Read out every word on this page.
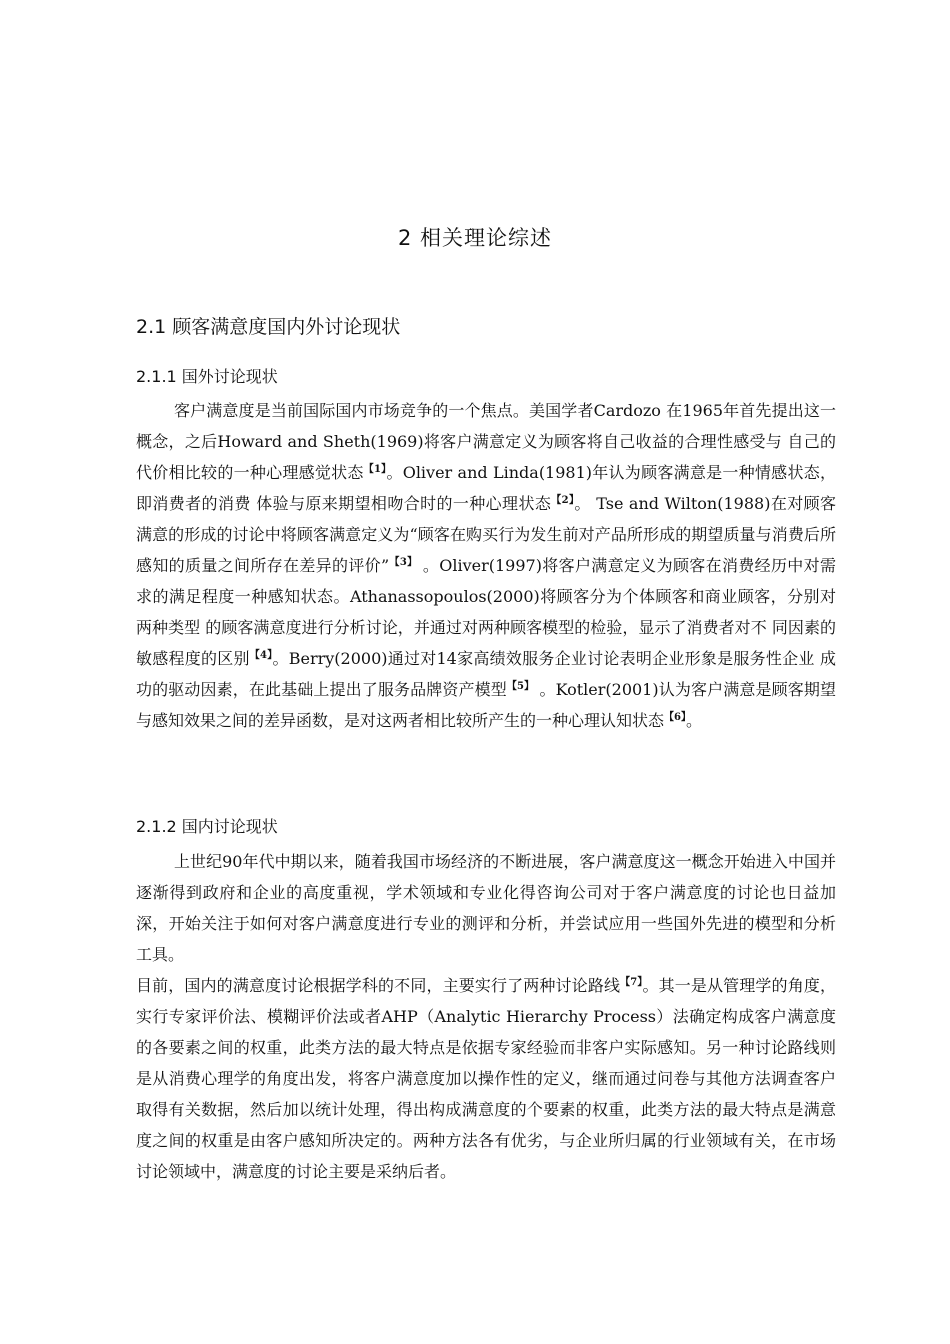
2 相关理论综述
2.1 顾客满意度国内外讨论现状
2.1.1 国外讨论现状

客户满意度是当前国际国内市场竞争的一个焦点。美国学者Cardozo 在1965年首先提出这一概念，之后Howard and Sheth(1969)将客户满意定义为顾客将自己收益的合理性感受与 自己的代价相比较的一种心理感觉状态$^{【1】}$。Oliver and Linda(1981)年认为顾客满意是一种情感状态，即消费者的消费 体验与原来期望相吻合时的一种心理状态$^{【2】}$。 Tse and Wilton(1988)在对顾客满意的形成的讨论中将顾客满意定义为“顾客在购买行为发生前对产品所形成的期望质量与消费后所感知的质量之间所存在差异的评价”$^{【3】}$ 。Oliver(1997)将客户满意定义为顾客在消费经历中对需求的满足程度一种感知状态。Athanassopoulos(2000)将顾客分为个体顾客和商业顾客，分别对两种类型 的顾客满意度进行分析讨论，并通过对两种顾客模型的检验，显示了消费者对不 同因素的敏感程度的区别$^{【4】}$。Berry(2000)通过对14家高绩效服务企业讨论表明企业形象是服务性企业 成功的驱动因素，在此基础上提出了服务品牌资产模型$^{【5】}$ 。Kotler(2001)认为客户满意是顾客期望与感知效果之间的差异函数，是对这两者相比较所产生的一种心理认知状态$^{【6】}$。

2.1.2 国内讨论现状

上世纪90年代中期以来，随着我国市场经济的不断进展，客户满意度这一概念开始进入中国并逐渐得到政府和企业的高度重视，学术领域和专业化得咨询公司对于客户满意度的讨论也日益加深，开始关注于如何对客户满意度进行专业的测评和分析，并尝试应用一些国外先进的模型和分析工具。

目前，国内的满意度讨论根据学科的不同，主要实行了两种讨论路线$^{【7】}$。其一是从管理学的角度，实行专家评价法、模糊评价法或者AHP（Analytic Hierarchy Process）法确定构成客户满意度的各要素之间的权重，此类方法的最大特点是依据专家经验而非客户实际感知。另一种讨论路线则是从消费心理学的角度出发，将客户满意度加以操作性的定义，继而通过问卷与其他方法调查客户取得有关数据，然后加以统计处理，得出构成满意度的个要素的权重，此类方法的最大特点是满意度之间的权重是由客户感知所决定的。两种方法各有优劣，与企业所归属的行业领域有关，在市场讨论领域中，满意度的讨论主要是采纳后者。
